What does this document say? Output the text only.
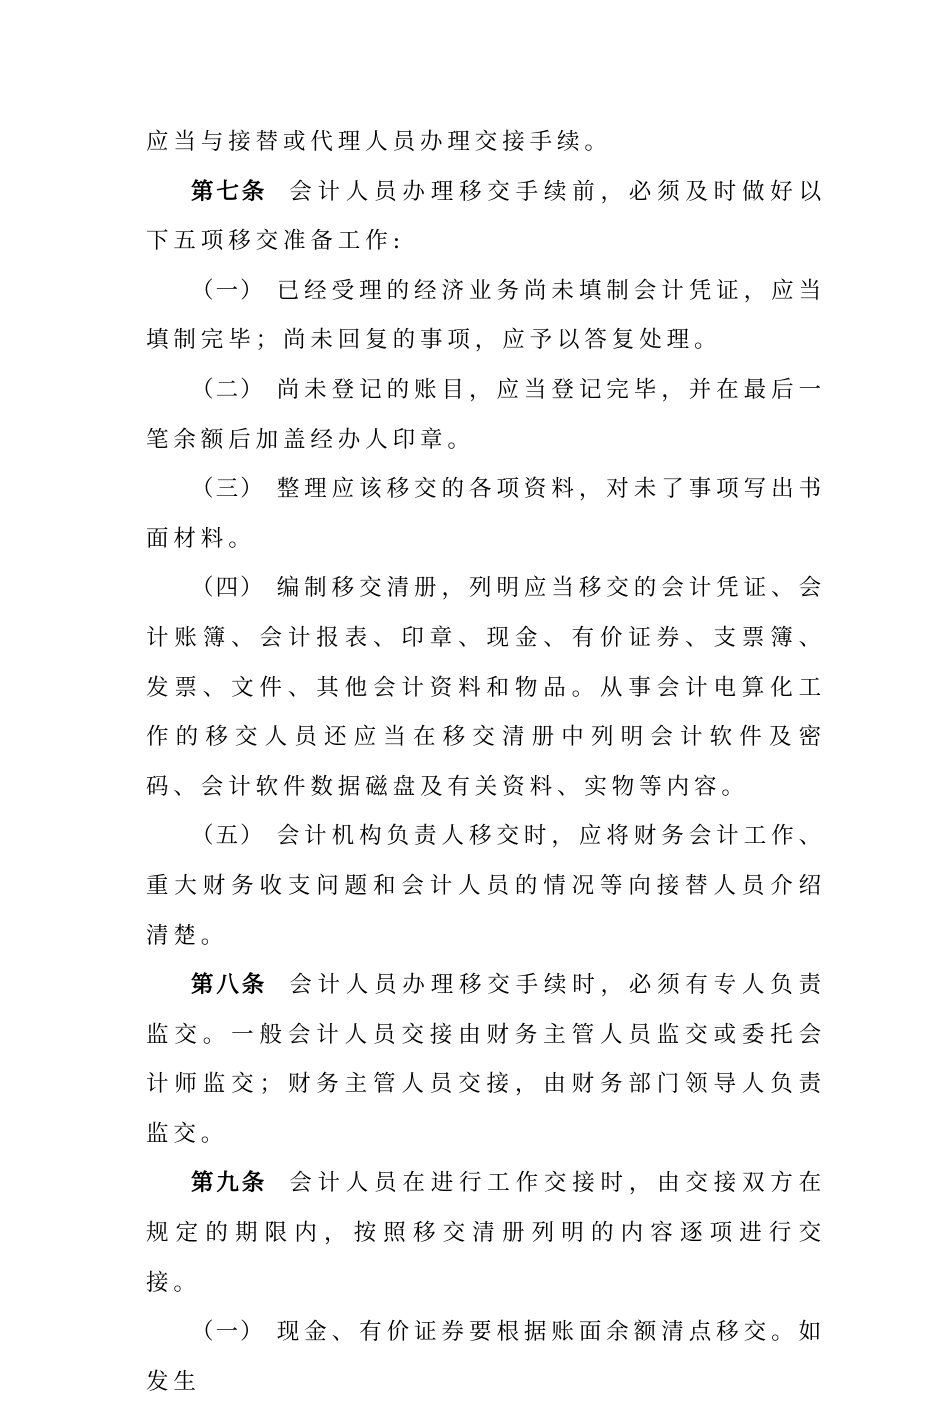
应当与接替或代理人员办理交接手续。

第七条 会计人员办理移交手续前，必须及时做好以下五项移交准备工作:

（一） 已经受理的经济业务尚未填制会计凭证，应当填制完毕；尚未回复的事项，应予以答复处理。

（二） 尚未登记的账目，应当登记完毕，并在最后一笔余额后加盖经办人印章。

（三） 整理应该移交的各项资料，对未了事项写出书面材料。

（四） 编制移交清册，列明应当移交的会计凭证、会计账簿、会计报表、印章、现金、有价证券、支票簿、发票、文件、其他会计资料和物品。从事会计电算化工作的移交人员还应当在移交清册中列明会计软件及密码、会计软件数据磁盘及有关资料、实物等内容。

（五） 会计机构负责人移交时，应将财务会计工作、重大财务收支问题和会计人员的情况等向接替人员介绍清楚。

第八条 会计人员办理移交手续时，必须有专人负责监交。一般会计人员交接由财务主管人员监交或委托会计师监交；财务主管人员交接，由财务部门领导人负责监交。

第九条 会计人员在进行工作交接时，由交接双方在规定的期限内，按照移交清册列明的内容逐项进行交接。

（一） 现金、有价证券要根据账面余额清点移交。如发生
